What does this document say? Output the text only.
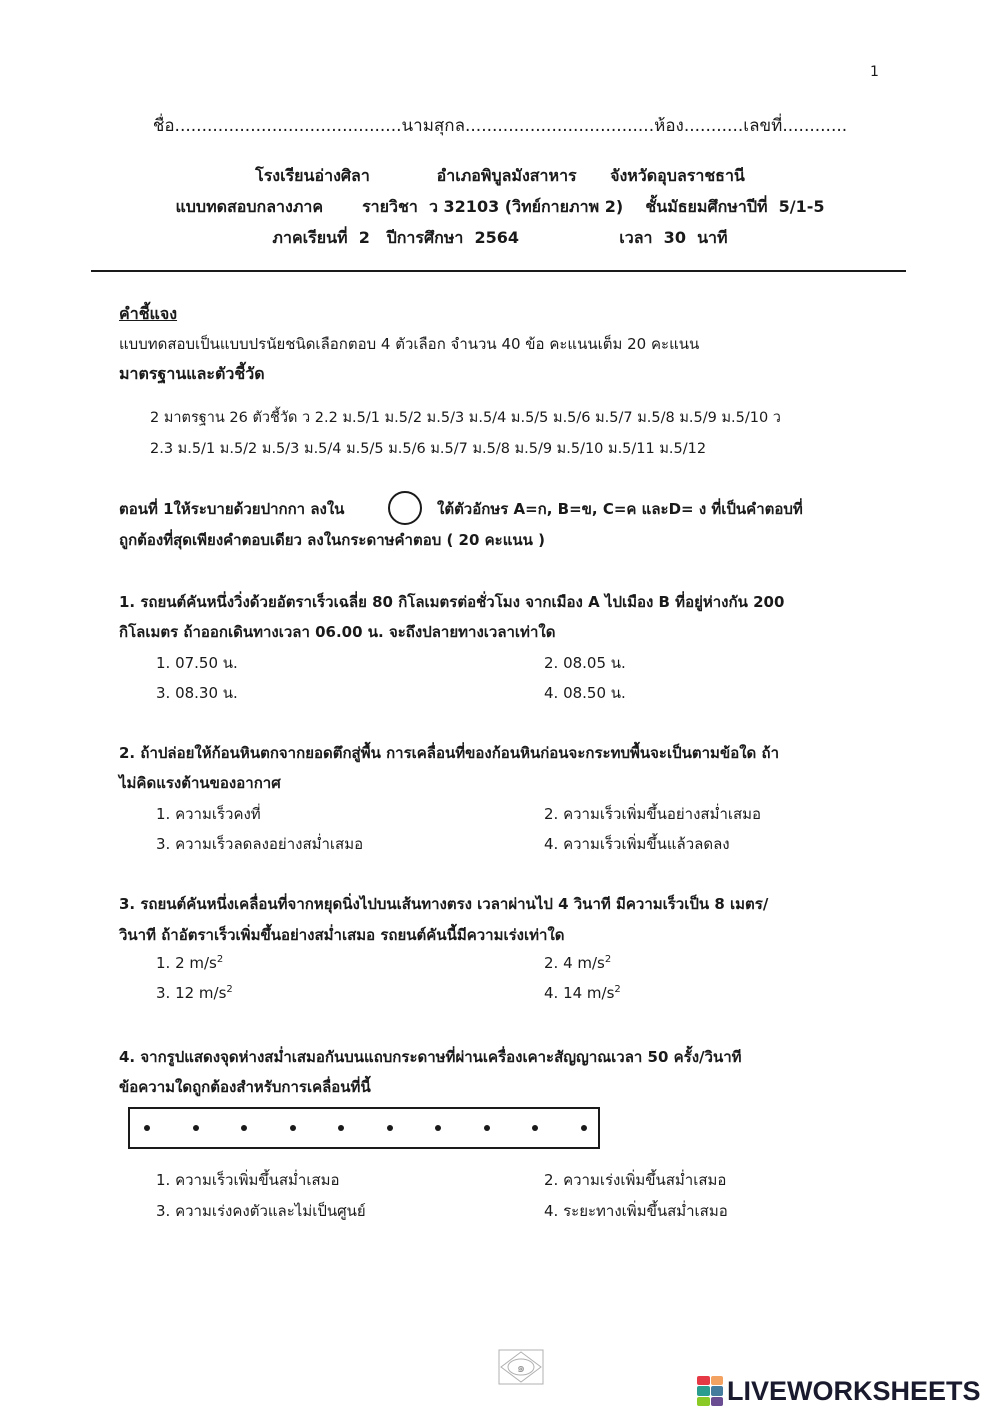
1
ชื่อ..........................................นามสุกล...................................ห้อง...........เลขที่............
โรงเรียนอ่างศิลา            อำเภอพิบูลมังสาหาร      จังหวัดอุบลราชธานี
แบบทดสอบกลางภาค       รายวิชา  ว 32103 (วิทย์กายภาพ 2)    ชั้นมัธยมศึกษาปีที่  5/1-5
ภาคเรียนที่  2   ปีการศึกษา  2564                  เวลา  30  นาที
คำชี้แจง
แบบทดสอบเป็นแบบปรนัยชนิดเลือกตอบ 4 ตัวเลือก จำนวน 40 ข้อ คะแนนเต็ม 20 คะแนน
มาตรฐานและตัวชี้วัด
2 มาตรฐาน 26 ตัวชี้วัด ว 2.2 ม.5/1 ม.5/2 ม.5/3 ม.5/4 ม.5/5 ม.5/6 ม.5/7 ม.5/8 ม.5/9 ม.5/10 ว
2.3 ม.5/1 ม.5/2 ม.5/3 ม.5/4 ม.5/5 ม.5/6 ม.5/7 ม.5/8 ม.5/9 ม.5/10 ม.5/11 ม.5/12
ตอนที่ 1ให้ระบายด้วยปากกา ลงใน	ใต้ตัวอักษร A=ก, B=ข, C=ค และD= ง ที่เป็นคำตอบที่
ถูกต้องที่สุดเพียงคำตอบเดียว ลงในกระดาษคำตอบ ( 20 คะแนน )
1. รถยนต์คันหนึ่งวิ่งด้วยอัตราเร็วเฉลี่ย 80 กิโลเมตรต่อชั่วโมง จากเมือง A ไปเมือง B ที่อยู่ห่างกัน 200
กิโลเมตร ถ้าออกเดินทางเวลา 06.00 น. จะถึงปลายทางเวลาเท่าใด
1. 07.50 น.	2. 08.05 น.
3. 08.30 น.	4. 08.50 น.
2. ถ้าปล่อยให้ก้อนหินตกจากยอดตึกสู่พื้น การเคลื่อนที่ของก้อนหินก่อนจะกระทบพื้นจะเป็นตามข้อใด ถ้า
ไม่คิดแรงต้านของอากาศ
1. ความเร็วคงที่	2. ความเร็วเพิ่มขึ้นอย่างสม่ำเสมอ
3. ความเร็วลดลงอย่างสม่ำเสมอ	4. ความเร็วเพิ่มขึ้นแล้วลดลง
3. รถยนต์คันหนึ่งเคลื่อนที่จากหยุดนิ่งไปบนเส้นทางตรง เวลาผ่านไป 4 วินาที มีความเร็วเป็น 8 เมตร/
วินาที ถ้าอัตราเร็วเพิ่มขึ้นอย่างสม่ำเสมอ รถยนต์คันนี้มีความเร่งเท่าใด
1. 2 $m/s^2$	2. 4 $m/s^2$
3. 12 $m/s^2$	4. 14 $m/s^2$
4. จากรูปแสดงจุดห่างสม่ำเสมอกันบนแถบกระดาษที่ผ่านเครื่องเคาะสัญญาณเวลา 50 ครั้ง/วินาที
ข้อความใดถูกต้องสำหรับการเคลื่อนที่นี้
1. ความเร็วเพิ่มขึ้นสม่ำเสมอ	2. ความเร่งเพิ่มขึ้นสม่ำเสมอ
3. ความเร่งคงตัวและไม่เป็นศูนย์	4. ระยะทางเพิ่มขึ้นสม่ำเสมอ
๑
LIVEWORKSHEETS
